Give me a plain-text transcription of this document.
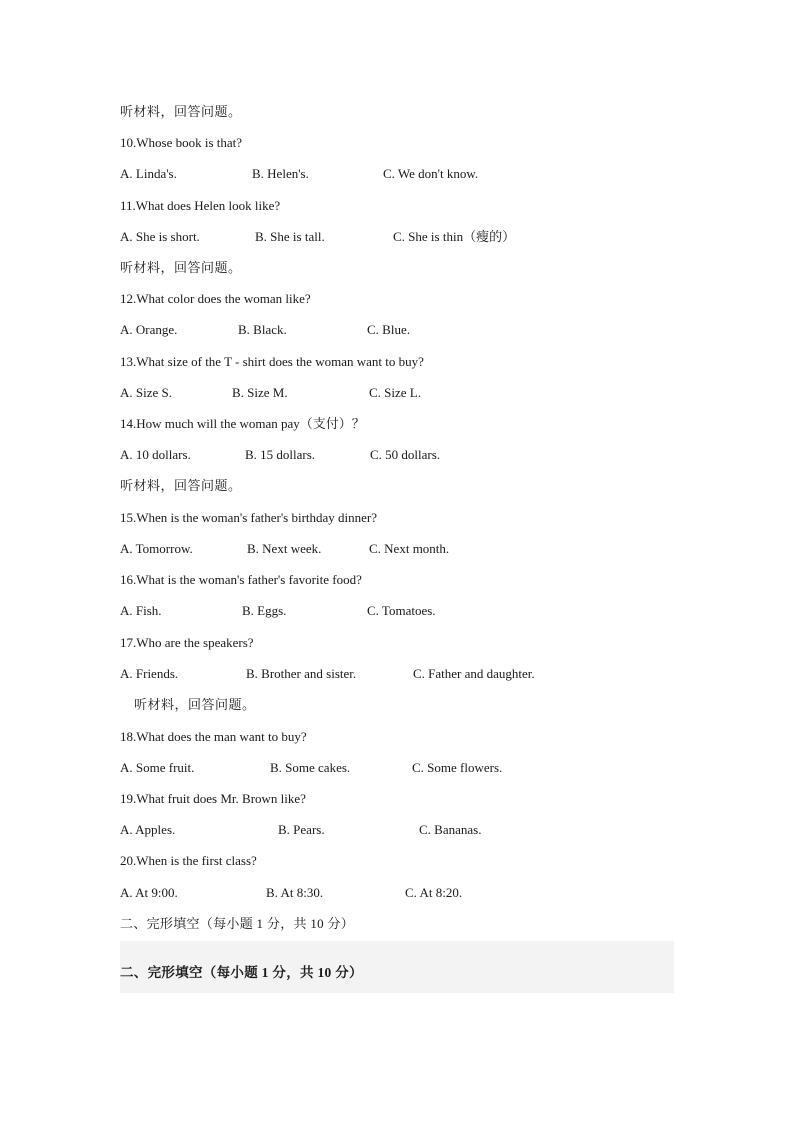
听材料，回答问题。
10.Whose book is that?
A. Linda's.	B. Helen's.	C. We don't know.
11.What does Helen look like?
A. She is short.	B. She is tall.	C. She is thin（瘦的）
听材料，回答问题。
12.What color does the woman like?
A. Orange.	B. Black.	C. Blue.
13.What size of the T - shirt does the woman want to buy?
A. Size S.	B. Size M.	C. Size L.
14.How much will the woman pay（支付）？
A. 10 dollars.	B. 15 dollars.	C. 50 dollars.
听材料，回答问题。
15.When is the woman's father's birthday dinner?
A. Tomorrow.	B. Next week.	C. Next month.
16.What is the woman's father's favorite food?
A. Fish.	B. Eggs.	C. Tomatoes.
17.Who are the speakers?
A. Friends.	B. Brother and sister.	C. Father and daughter.
听材料，回答问题。
18.What does the man want to buy?
A. Some fruit.	B. Some cakes.	C. Some flowers.
19.What fruit does Mr. Brown like?
A. Apples.	B. Pears.	C. Bananas.
20.When is the first class?
A. At 9:00.	B. At 8:30.	C. At 8:20.
二、完形填空（每小题 1 分，共 10 分）
二、完形填空（每小题 1 分，共 10 分）
